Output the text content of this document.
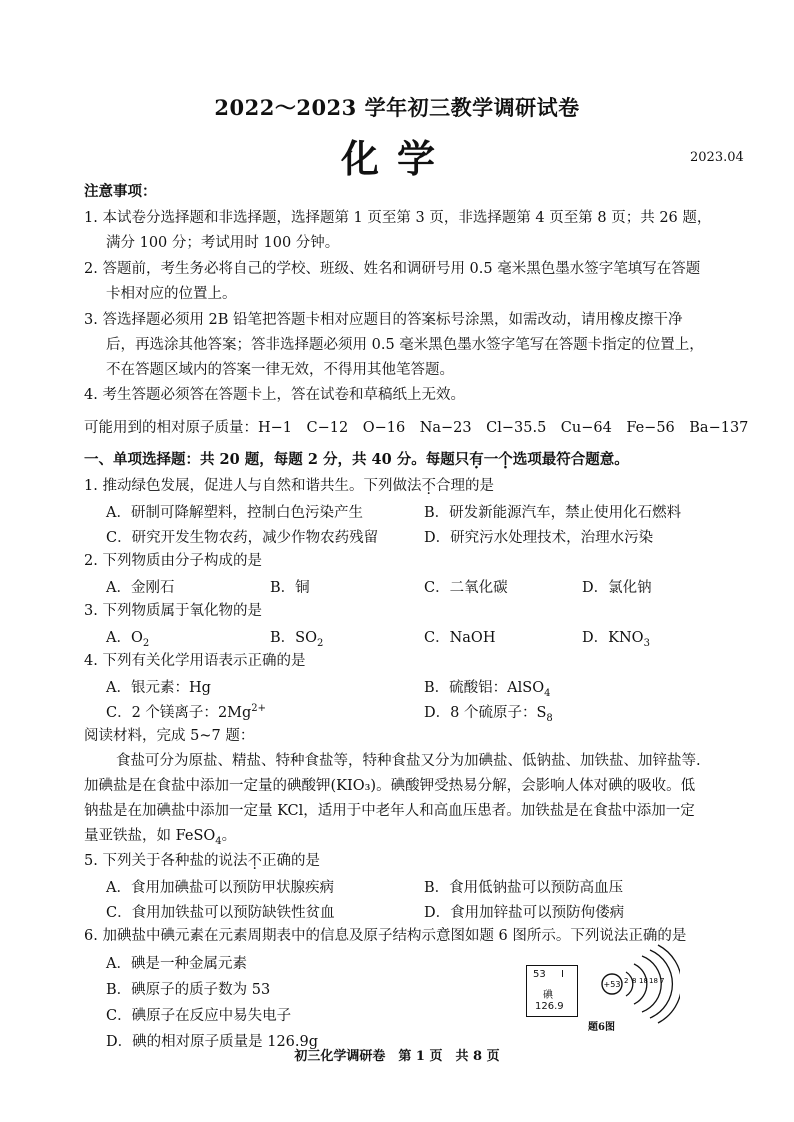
2022～2023 学年初三教学调研试卷
化学	2023.04
注意事项：
1. 本试卷分选择题和非选择题，选择题第 1 页至第 3 页，非选择题第 4 页至第 8 页；共 26 题，
满分 100 分；考试用时 100 分钟。
2. 答题前，考生务必将自己的学校、班级、姓名和调研号用 0.5 毫米黑色墨水签字笔填写在答题
卡相对应的位置上。
3. 答选择题必须用 2B 铅笔把答题卡相对应题目的答案标号涂黑，如需改动，请用橡皮擦干净
后，再选涂其他答案；答非选择题必须用 0.5 毫米黑色墨水签字笔写在答题卡指定的位置上，
不在答题区域内的答案一律无效，不得用其他笔答题。
4. 考生答题必须答在答题卡上，答在试卷和草稿纸上无效。
可能用到的相对原子质量：H−1　C−12　O−16　Na−23　Cl−35.5　Cu−64　Fe−56　Ba−137
一、单项选择题：共 20 题，每题 2 分，共 40 分。每题只有一个选项最符合题意。
1. 推动绿色发展，促进人与自然和谐共生。下列做法不合理的是
A．研制可降解塑料，控制白色污染产生	B．研发新能源汽车，禁止使用化石燃料
C．研究开发生物农药，减少作物农药残留	D．研究污水处理技术，治理水污染
2. 下列物质由分子构成的是
A．金刚石	B．铜	C．二氧化碳	D．氯化钠
3. 下列物质属于氧化物的是
A．$O_2$	B．$SO_2$	C．NaOH	D．$KNO_3$
4. 下列有关化学用语表示正确的是
A．银元素：Hg	B．硫酸铝：AlSO$_4$
C．2 个镁离子：$2Mg^{2+}$	D．8 个硫原子：$S_8$
阅读材料，完成 5~7 题：
食盐可分为原盐、精盐、特种食盐等，特种食盐又分为加碘盐、低钠盐、加铁盐、加锌盐等.
加碘盐是在食盐中添加一定量的碘酸钾(KIO₃)。碘酸钾受热易分解，会影响人体对碘的吸收。低
钠盐是在加碘盐中添加一定量 KCl，适用于中老年人和高血压患者。加铁盐是在食盐中添加一定
量亚铁盐，如 FeSO$_4$。
5. 下列关于各种盐的说法不正确的是
A．食用加碘盐可以预防甲状腺疾病	B．食用低钠盐可以预防高血压
C．食用加铁盐可以预防缺铁性贫血	D．食用加锌盐可以预防佝偻病
6. 加碘盐中碘元素在元素周期表中的信息及原子结构示意图如题 6 图所示。下列说法正确的是
A．碘是一种金属元素
B．碘原子的质子数为 53
C．碘原子在反应中易失电子
D．碘的相对原子质量是 126.9g
53 I
碘
126.9
+53 2 8 18 18 7
题6图
初三化学调研卷　第 1 页　共 8 页
